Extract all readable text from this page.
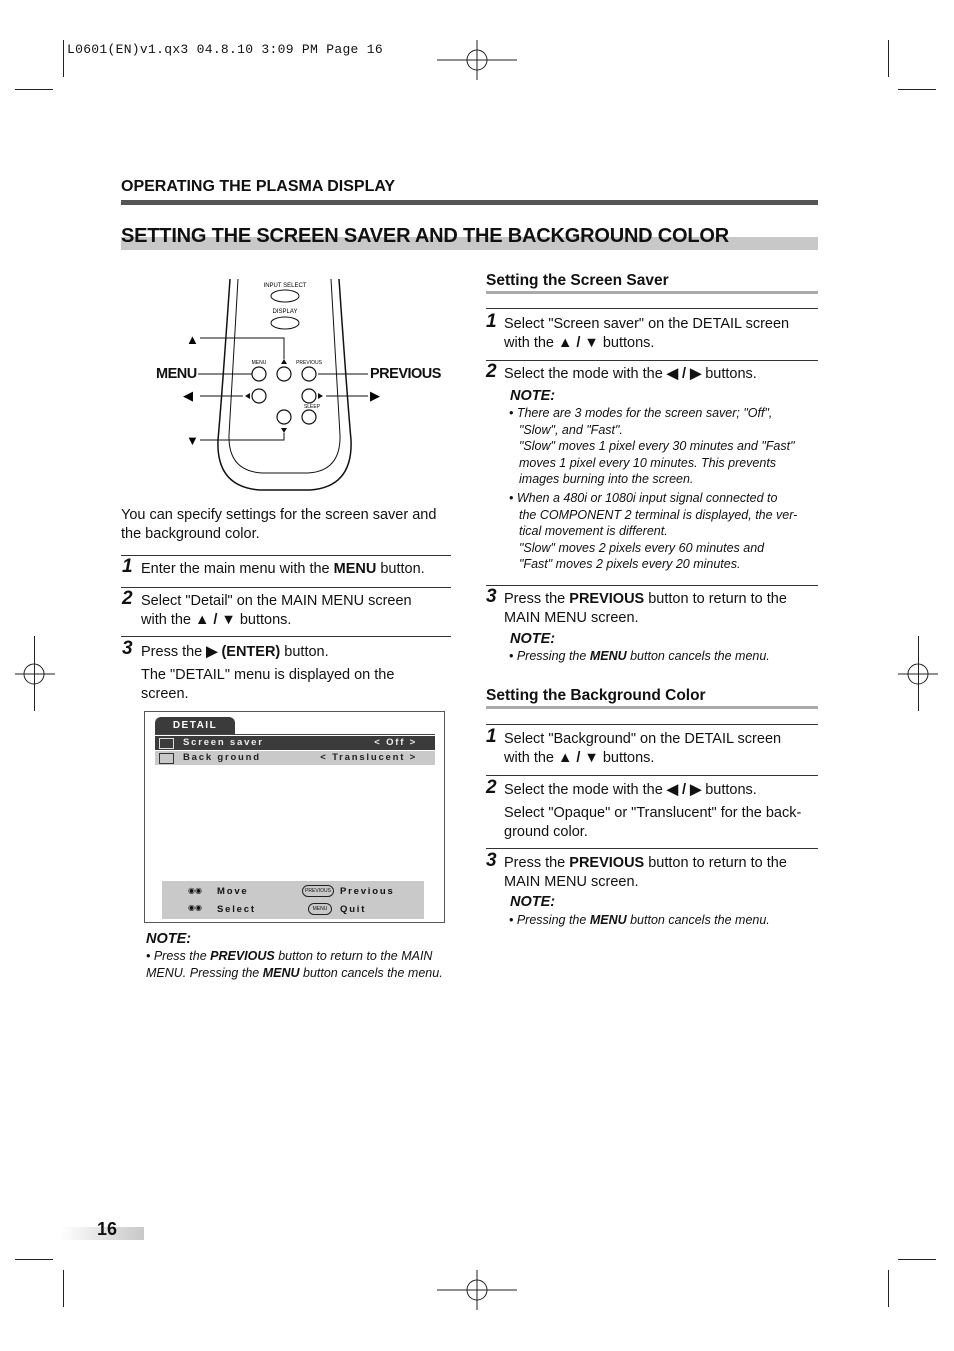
L0601(EN)v1.qx3 04.8.10 3:09 PM Page 16
OPERATING THE PLASMA DISPLAY
SETTING THE SCREEN SAVER AND THE BACKGROUND COLOR
INPUT SELECT
DISPLAY
MENU	PREVIOUS
SLEEP
▲
◀	▶
▼
MENU	PREVIOUS
You can specify settings for the screen saver and the background color.
1 Enter the main menu with the MENU button.
2 Select "Detail" on the MAIN MENU screen
with the ▲ / ▼ buttons.
3 Press the ▶ (ENTER) button.
The "DETAIL" menu is displayed on the screen.
DETAIL
Screen saver	< Off >
Back ground	< Translucent >
◉◉ Move	PREVIOUS Previous
◉◉ Select	MENU	Quit
NOTE:
• Press the PREVIOUS button to return to the MAIN MENU. Pressing the MENU button cancels the menu.
Setting the Screen Saver
1 Select "Screen saver" on the DETAIL screen
with the ▲ / ▼ buttons.
2 Select the mode with the ◀ / ▶ buttons.
NOTE:
• There are 3 modes for the screen saver; "Off",
"Slow", and "Fast".
"Slow" moves 1 pixel every 30 minutes and "Fast"
moves 1 pixel every 10 minutes. This prevents
images burning into the screen.
• When a 480i or 1080i input signal connected to
the COMPONENT 2 terminal is displayed, the ver-
tical movement is different.
"Slow" moves 2 pixels every 60 minutes and
"Fast" moves 2 pixels every 20 minutes.
3 Press the PREVIOUS button to return to the
MAIN MENU screen.
NOTE:
• Pressing the MENU button cancels the menu.
Setting the Background Color
1 Select "Background" on the DETAIL screen
with the ▲ / ▼ buttons.
2 Select the mode with the ◀ / ▶ buttons.
Select "Opaque" or "Translucent" for the back-
ground color.
3 Press the PREVIOUS button to return to the
MAIN MENU screen.
NOTE:
• Pressing the MENU button cancels the menu.
16
